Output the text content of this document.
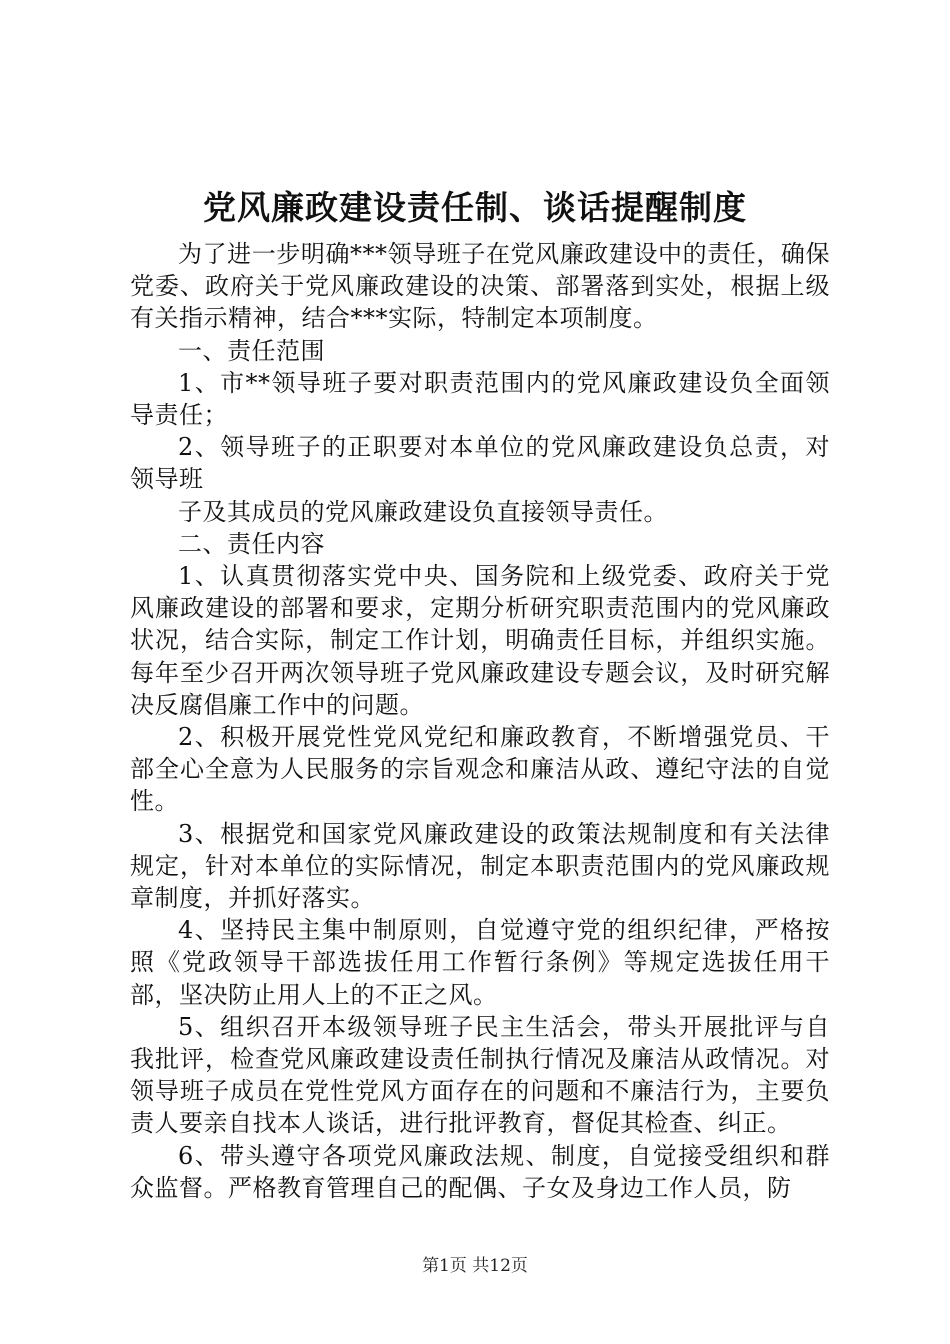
党风廉政建设责任制、谈话提醒制度

为了进一步明确***领导班子在党风廉政建设中的责任，确保党委、政府关于党风廉政建设的决策、部署落到实处，根据上级有关指示精神，结合***实际，特制定本项制度。

一、责任范围

1、市**领导班子要对职责范围内的党风廉政建设负全面领导责任；

2、领导班子的正职要对本单位的党风廉政建设负总责，对领导班

子及其成员的党风廉政建设负直接领导责任。

二、责任内容

1、认真贯彻落实党中央、国务院和上级党委、政府关于党风廉政建设的部署和要求，定期分析研究职责范围内的党风廉政状况，结合实际，制定工作计划，明确责任目标，并组织实施。每年至少召开两次领导班子党风廉政建设专题会议，及时研究解决反腐倡廉工作中的问题。

2、积极开展党性党风党纪和廉政教育，不断增强党员、干部全心全意为人民服务的宗旨观念和廉洁从政、遵纪守法的自觉性。

3、根据党和国家党风廉政建设的政策法规制度和有关法律规定，针对本单位的实际情况，制定本职责范围内的党风廉政规章制度，并抓好落实。

4、坚持民主集中制原则，自觉遵守党的组织纪律，严格按照《党政领导干部选拔任用工作暂行条例》等规定选拔任用干部，坚决防止用人上的不正之风。

5、组织召开本级领导班子民主生活会，带头开展批评与自我批评，检查党风廉政建设责任制执行情况及廉洁从政情况。对领导班子成员在党性党风方面存在的问题和不廉洁行为，主要负责人要亲自找本人谈话，进行批评教育，督促其检查、纠正。

6、带头遵守各项党风廉政法规、制度，自觉接受组织和群众监督。严格教育管理自己的配偶、子女及身边工作人员，防

第1页 共12页
